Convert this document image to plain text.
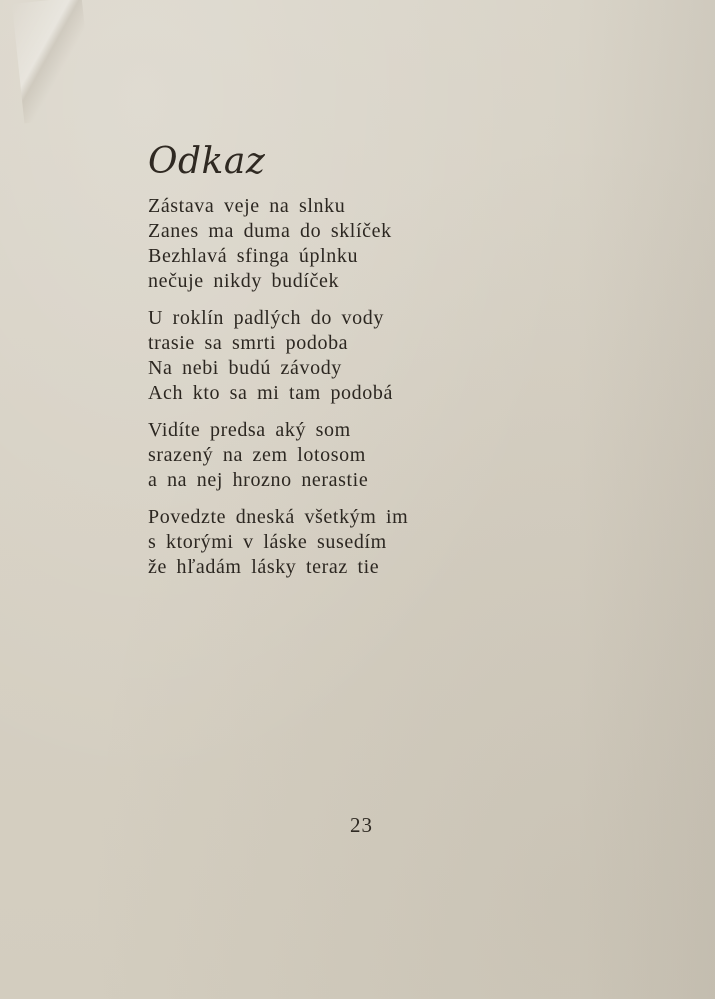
Odkaz
Zástava veje na slnku
Zanes ma duma do sklíček
Bezhlavá sfinga úplnku
nečuje nikdy budíček
U roklín padlých do vody
trasie sa smrti podoba
Na nebi budú závody
Ach kto sa mi tam podobá
Vidíte predsa aký som
srazený na zem lotosom
a na nej hrozno nerastie
Povedzte dneská všetkým im
s ktorými v láske susedím
že hľadám lásky teraz tie
23
